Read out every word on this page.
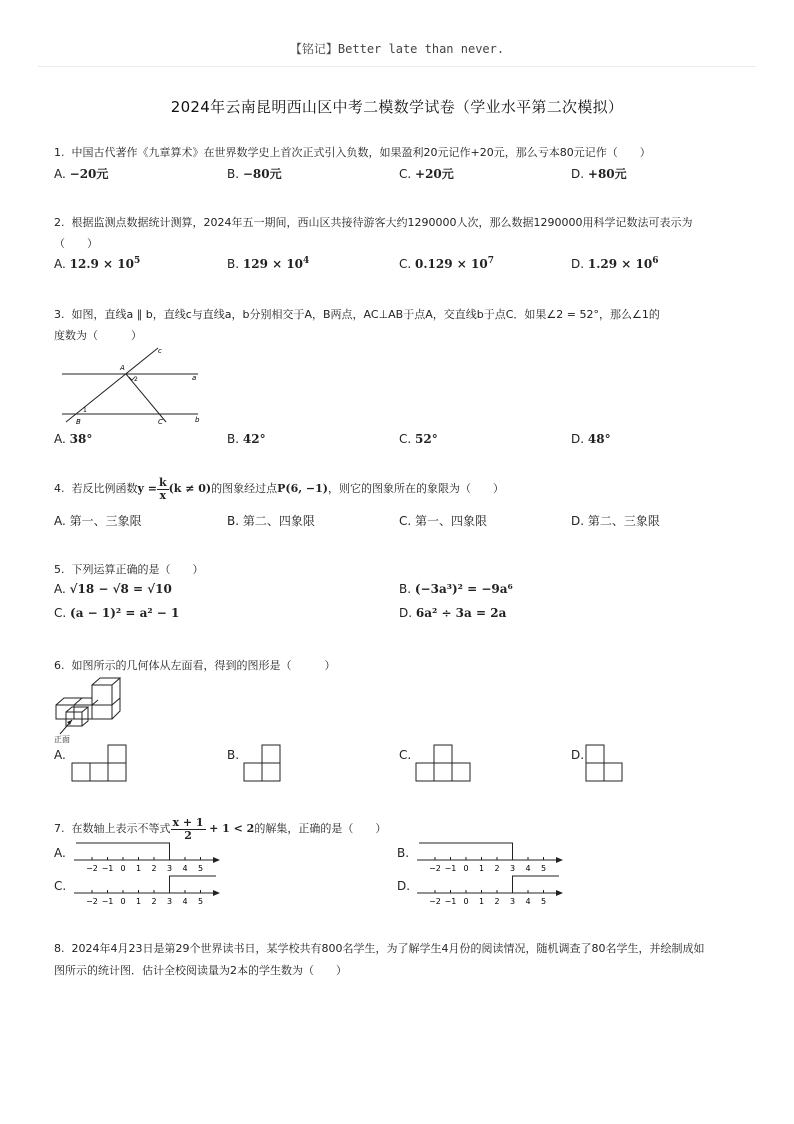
【铭记】Better late than never.
2024年云南昆明西山区中考二模数学试卷（学业水平第二次模拟）
1. 中国古代著作《九章算术》在世界数学史上首次正式引入负数，如果盈利20元记作+20元，那么亏本80元记作（　　）
A. −20元	B. −80元	C. +20元	D. +80元
2. 根据监测点数据统计测算，2024年五一期间，西山区共接待游客大约1290000人次，那么数据1290000用科学记数法可表示为
（　　）
A. $12.9 \times 10^5$	B. $129 \times 10^4$	C. $0.129 \times 10^7$	D. $1.29 \times 10^6$
3. 如图，直线a ∥ b，直线c与直线a，b分别相交于A，B两点，AC⊥AB于点A，交直线b于点C．如果∠2 = 52°，那么∠1的
度数为（　　　）
c
a
b
A
B	C
1
2
A. 38°	B. 42°	C. 52°	D. 48°
4. 若反比例函数$y = \frac{k}{x} (k \ne 0)$的图象经过点P(6, −1)，则它的图象所在的象限为（　　）
A. 第一、三象限	B. 第二、四象限	C. 第一、四象限	D. 第二、三象限
5. 下列运算正确的是（　　）
A. √18 − √8 = √10	B. (−3a³)² = −9a⁶
C. (a − 1)² = a² − 1	D. 6a² ÷ 3a = 2a
6. 如图所示的几何体从左面看，得到的图形是（　　　）
正面
A.	B.	C.	D.
7. 在数轴上表示不等式 $\frac{x + 1}{2} + 1 < 2$的解集，正确的是（　　）
A.
−2 −1 0 1 2 3 4 5
B.
−2 −1 0 1 2 3 4 5
C.
−2 −1 0 1 2 3 4 5
D.
−2 −1 0 1 2 3 4 5
8. 2024年4月23日是第29个世界读书日，某学校共有800名学生，为了解学生4月份的阅读情况，随机调查了80名学生，并绘制成如
图所示的统计图．估计全校阅读量为2本的学生数为（　　）
